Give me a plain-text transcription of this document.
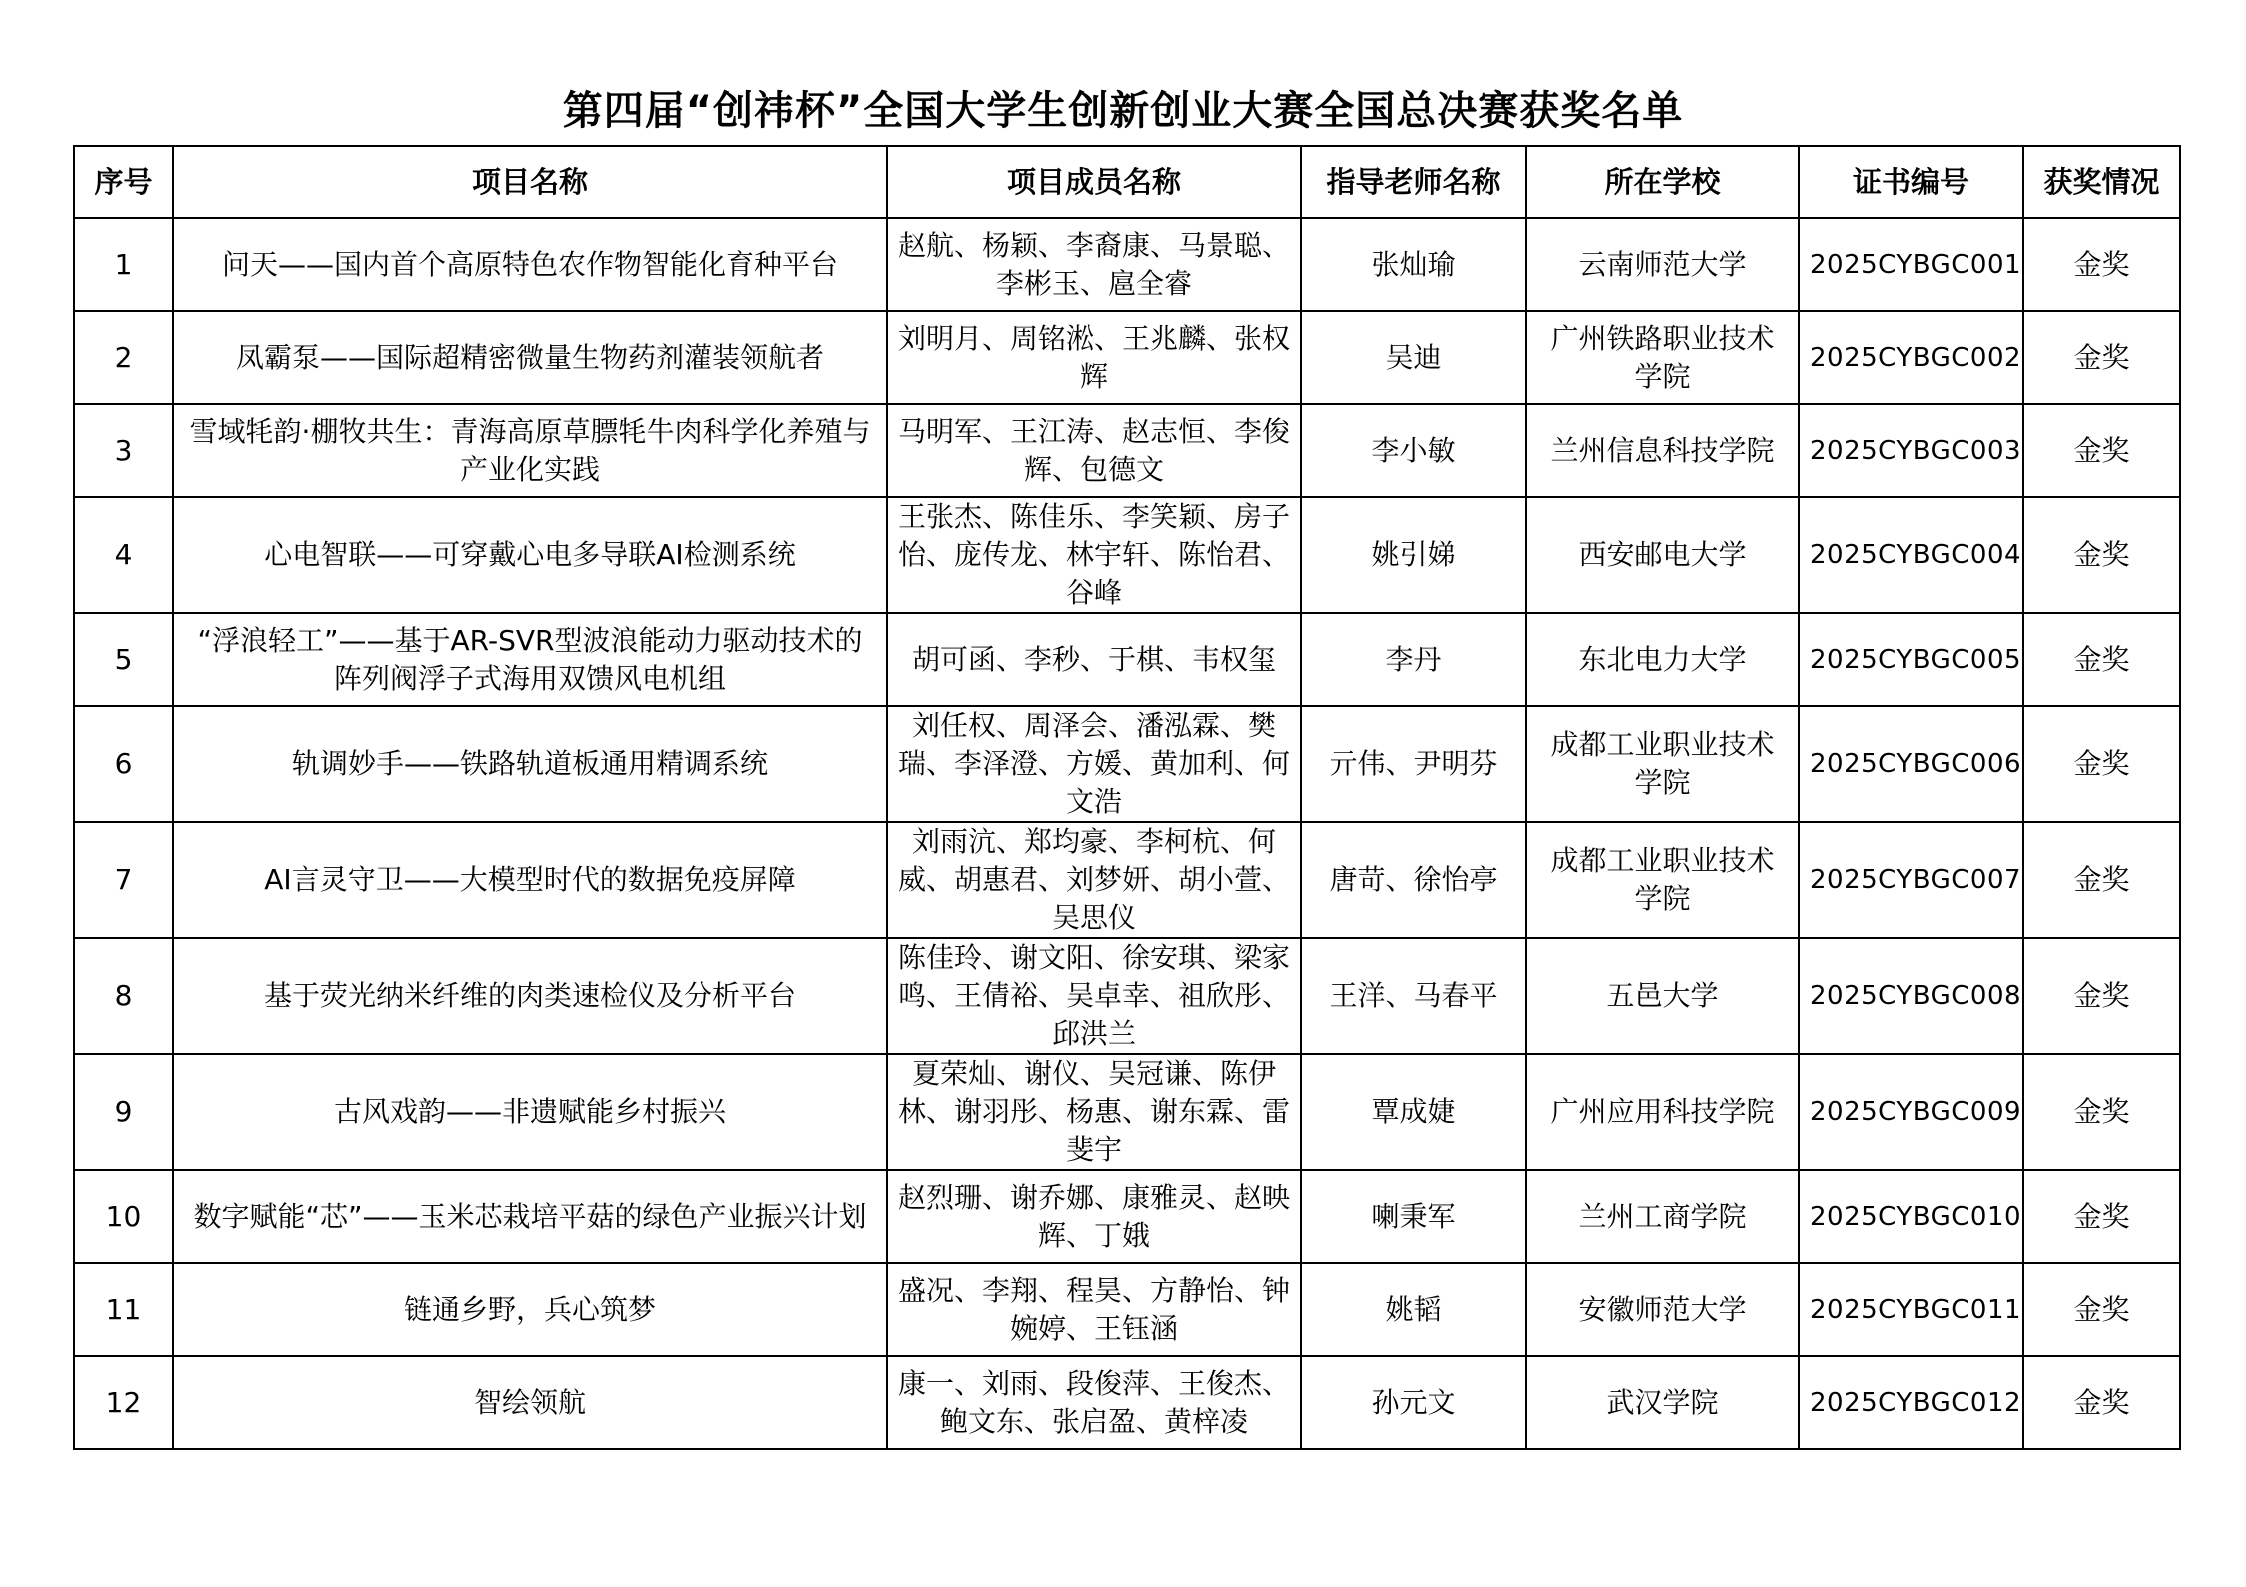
第四届“创祎杯”全国大学生创新创业大赛全国总决赛获奖名单
序号	项目名称	项目成员名称	指导老师名称	所在学校	证书编号	获奖情况
1	问天——国内首个高原特色农作物智能化育种平台	赵航、杨颖、李裔康、马景聪、李彬玉、扈全睿	张灿瑜	云南师范大学	2025CYBGC001	金奖
2	凤霸泵——国际超精密微量生物药剂灌装领航者	刘明月、周铭淞、王兆麟、张权辉	吴迪	广州铁路职业技术学院	2025CYBGC002	金奖
3	雪域牦韵·棚牧共生：青海高原草膘牦牛肉科学化养殖与产业化实践	马明军、王江涛、赵志恒、李俊辉、包德文	李小敏	兰州信息科技学院	2025CYBGC003	金奖
4	心电智联——可穿戴心电多导联AI检测系统	王张杰、陈佳乐、李笑颖、房子怡、庞传龙、林宇轩、陈怡君、谷峰	姚引娣	西安邮电大学	2025CYBGC004	金奖
5	“浮浪轻工”——基于AR-SVR型波浪能动力驱动技术的阵列阀浮子式海用双馈风电机组	胡可函、李秒、于棋、韦权玺	李丹	东北电力大学	2025CYBGC005	金奖
6	轨调妙手——铁路轨道板通用精调系统	刘任权、周泽会、潘泓霖、樊瑞、李泽澄、方媛、黄加利、何文浩	亓伟、尹明芬	成都工业职业技术学院	2025CYBGC006	金奖
7	AI言灵守卫——大模型时代的数据免疫屏障	刘雨沆、郑均豪、李柯杭、何威、胡惠君、刘梦妍、胡小萱、吴思仪	唐苛、徐怡亭	成都工业职业技术学院	2025CYBGC007	金奖
8	基于荧光纳米纤维的肉类速检仪及分析平台	陈佳玲、谢文阳、徐安琪、梁家鸣、王倩裕、吴卓幸、祖欣彤、邱洪兰	王洋、马春平	五邑大学	2025CYBGC008	金奖
9	古风戏韵——非遗赋能乡村振兴	夏荣灿、谢仪、吴冠谦、陈伊林、谢羽彤、杨惠、谢东霖、雷斐宇	覃成婕	广州应用科技学院	2025CYBGC009	金奖
10	数字赋能“芯”——玉米芯栽培平菇的绿色产业振兴计划	赵烈珊、谢乔娜、康雅灵、赵映辉、丁娥	喇秉军	兰州工商学院	2025CYBGC010	金奖
11	链通乡野，兵心筑梦	盛况、李翔、程昊、方静怡、钟婉婷、王钰涵	姚韬	安徽师范大学	2025CYBGC011	金奖
12	智绘领航	康一、刘雨、段俊萍、王俊杰、鲍文东、张启盈、黄梓凌	孙元文	武汉学院	2025CYBGC012	金奖
